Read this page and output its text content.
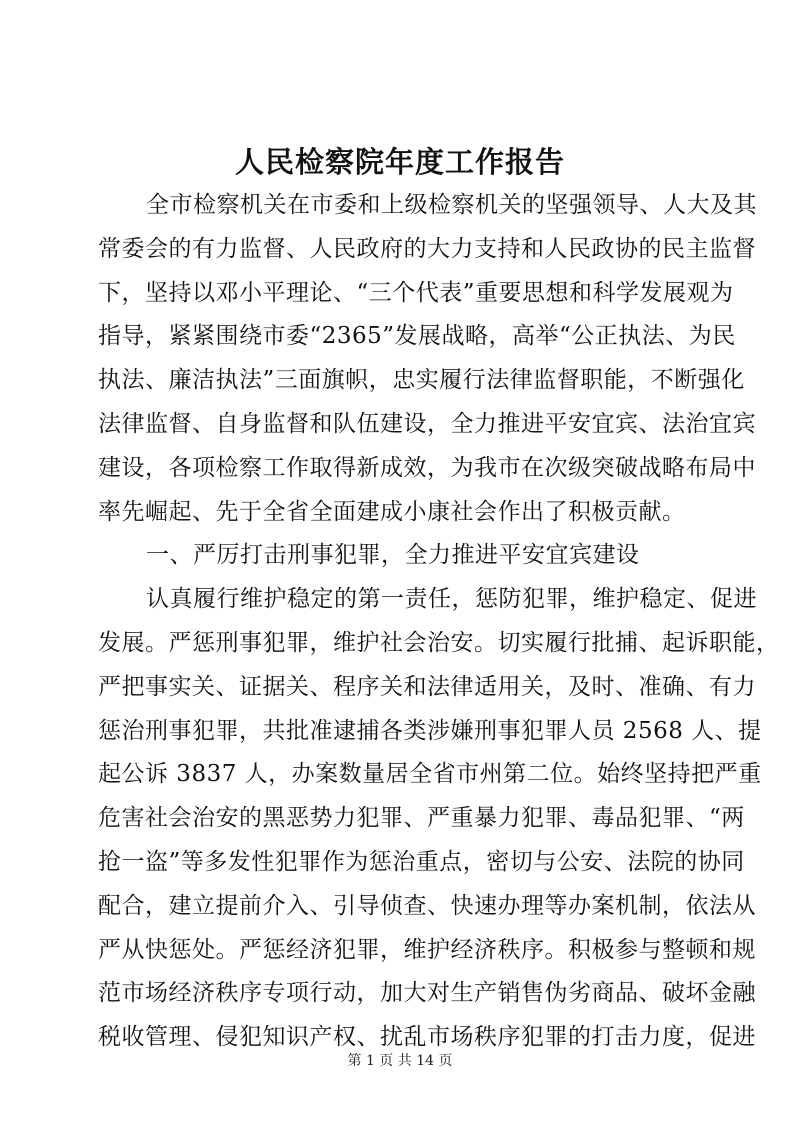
人民检察院年度工作报告
全市检察机关在市委和上级检察机关的坚强领导、人大及其
常委会的有力监督、人民政府的大力支持和人民政协的民主监督
下，坚持以邓小平理论、“三个代表”重要思想和科学发展观为
指导，紧紧围绕市委“2365”发展战略，高举“公正执法、为民
执法、廉洁执法”三面旗帜，忠实履行法律监督职能，不断强化
法律监督、自身监督和队伍建设，全力推进平安宜宾、法治宜宾
建设，各项检察工作取得新成效，为我市在次级突破战略布局中
率先崛起、先于全省全面建成小康社会作出了积极贡献。
一、严厉打击刑事犯罪，全力推进平安宜宾建设
认真履行维护稳定的第一责任，惩防犯罪，维护稳定、促进
发展。严惩刑事犯罪，维护社会治安。切实履行批捕、起诉职能，
严把事实关、证据关、程序关和法律适用关，及时、准确、有力
惩治刑事犯罪，共批准逮捕各类涉嫌刑事犯罪人员 2568 人、提
起公诉 3837 人，办案数量居全省市州第二位。始终坚持把严重
危害社会治安的黑恶势力犯罪、严重暴力犯罪、毒品犯罪、“两
抢一盗”等多发性犯罪作为惩治重点，密切与公安、法院的协同
配合，建立提前介入、引导侦查、快速办理等办案机制，依法从
严从快惩处。严惩经济犯罪，维护经济秩序。积极参与整顿和规
范市场经济秩序专项行动，加大对生产销售伪劣商品、破坏金融
税收管理、侵犯知识产权、扰乱市场秩序犯罪的打击力度，促进
第 1 页 共 14 页
